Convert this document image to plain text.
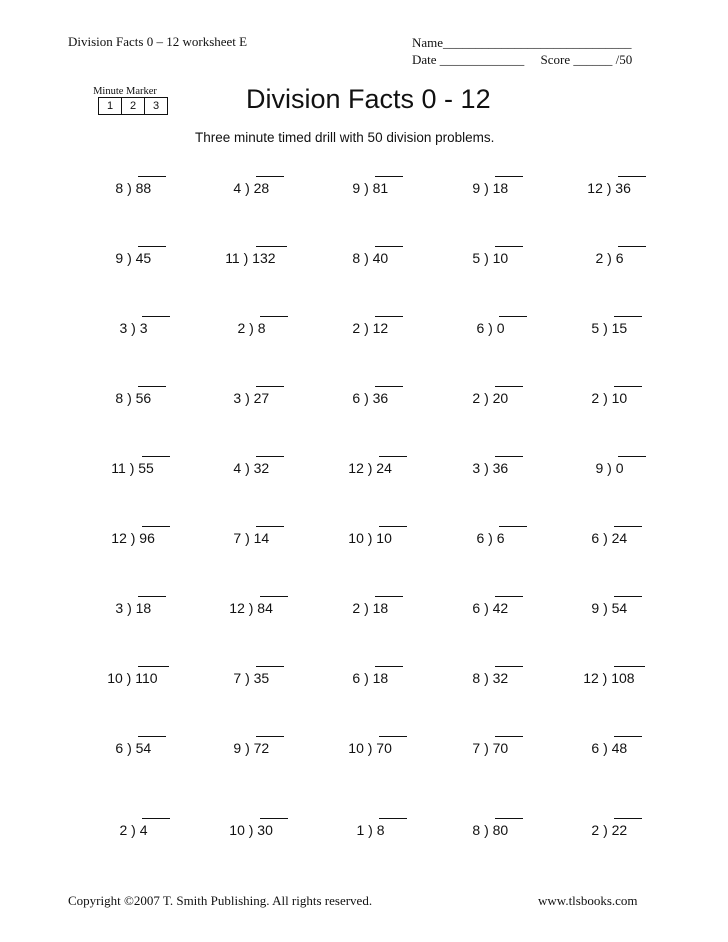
Division Facts 0 – 12 worksheet E	Name_____________________________
Date _____________     Score ______ /50
Minute Marker
1	2	3	Division Facts 0 - 12
Three minute timed drill with 50 division problems.
8 ) 88	4 ) 28	9 ) 81	9 ) 18	12 ) 36
9 ) 45	11 ) 132	8 ) 40	5 ) 10	2 ) 6
3 ) 3	2 ) 8	2 ) 12	6 ) 0	5 ) 15
8 ) 56	3 ) 27	6 ) 36	2 ) 20	2 ) 10
11 ) 55	4 ) 32	12 ) 24	3 ) 36	9 ) 0
12 ) 96	7 ) 14	10 ) 10	6 ) 6	6 ) 24
3 ) 18	12 ) 84	2 ) 18	6 ) 42	9 ) 54
10 ) 110	7 ) 35	6 ) 18	8 ) 32	12 ) 108
6 ) 54	9 ) 72	10 ) 70	7 ) 70	6 ) 48
2 ) 4	10 ) 30	1 ) 8	8 ) 80	2 ) 22
Copyright ©2007 T. Smith Publishing. All rights reserved.	www.tlsbooks.com
